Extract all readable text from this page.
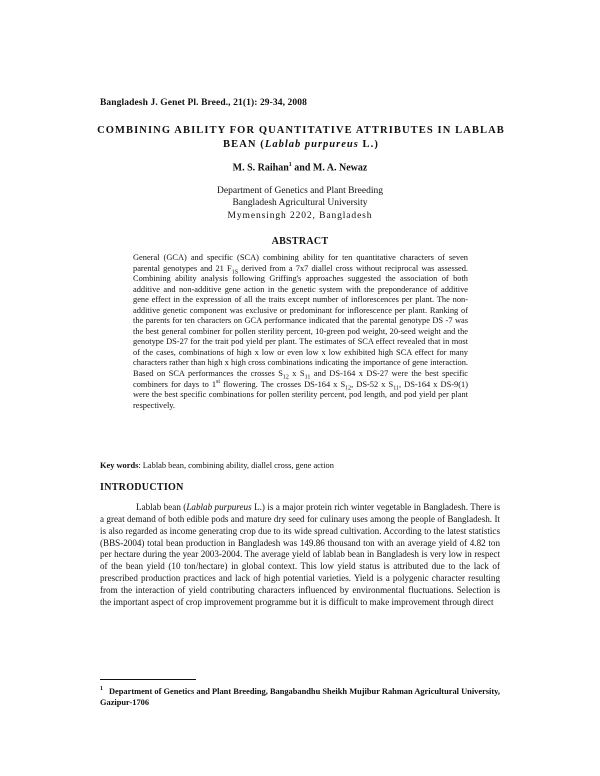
Bangladesh J. Genet Pl. Breed., 21(1): 29-34, 2008
COMBINING ABILITY FOR QUANTITATIVE ATTRIBUTES IN LABLAB BEAN (Lablab purpureus L.)
M. S. Raihan$^1$ and M. A. Newaz
Department of Genetics and Plant Breeding
Bangladesh Agricultural University
Mymensingh 2202, Bangladesh
ABSTRACT
General (GCA) and specific (SCA) combining ability for ten quantitative characters of seven parental genotypes and 21 $F_{1S}$ derived from a 7x7 diallel cross without reciprocal was assessed. Combining ability analysis following Griffing's approaches suggested the association of both additive and non-additive gene action in the genetic system with the preponderance of additive gene effect in the expression of all the traits except number of inflorescences per plant. The non-additive genetic component was exclusive or predominant for inflorescence per plant. Ranking of the parents for ten characters on GCA performance indicated that the parental genotype DS -7 was the best general combiner for pollen sterility percent, 10-green pod weight, 20-seed weight and the genotype DS-27 for the trait pod yield per plant. The estimates of SCA effect revealed that in most of the cases, combinations of high x low or even low x low exhibited high SCA effect for many characters rather than high x high cross combinations indicating the importance of gene interaction. Based on SCA performances the crosses $S_{12}$ x $S_{11}$ and DS-164 x DS-27 were the best specific combiners for days to 1st flowering. The crosses DS-164 x $S_{12}$, DS-52 x $S_{11}$, DS-164 x DS-9(1) were the best specific combinations for pollen sterility percent, pod length, and pod yield per plant respectively.
Key words: Lablab bean, combining ability, diallel cross, gene action
INTRODUCTION

Lablab bean (Lablab purpureus L.) is a major protein rich winter vegetable in Bangladesh. There is a great demand of both edible pods and mature dry seed for culinary uses among the people of Bangladesh. It is also regarded as income generating crop due to its wide spread cultivation. According to the latest statistics (BBS-2004) total bean production in Bangladesh was 149.86 thousand ton with an average yield of 4.82 ton per hectare during the year 2003-2004. The average yield of lablab bean in Bangladesh is very low in respect of the bean yield (10 ton/hectare) in global context. This low yield status is attributed due to the lack of prescribed production practices and lack of high potential varieties. Yield is a polygenic character resulting from the interaction of yield contributing characters influenced by environmental fluctuations. Selection is the important aspect of crop improvement programme but it is difficult to make improvement through direct

$^1$ Department of Genetics and Plant Breeding, Bangabandhu Sheikh Mujibur Rahman Agricultural University, Gazipur-1706
